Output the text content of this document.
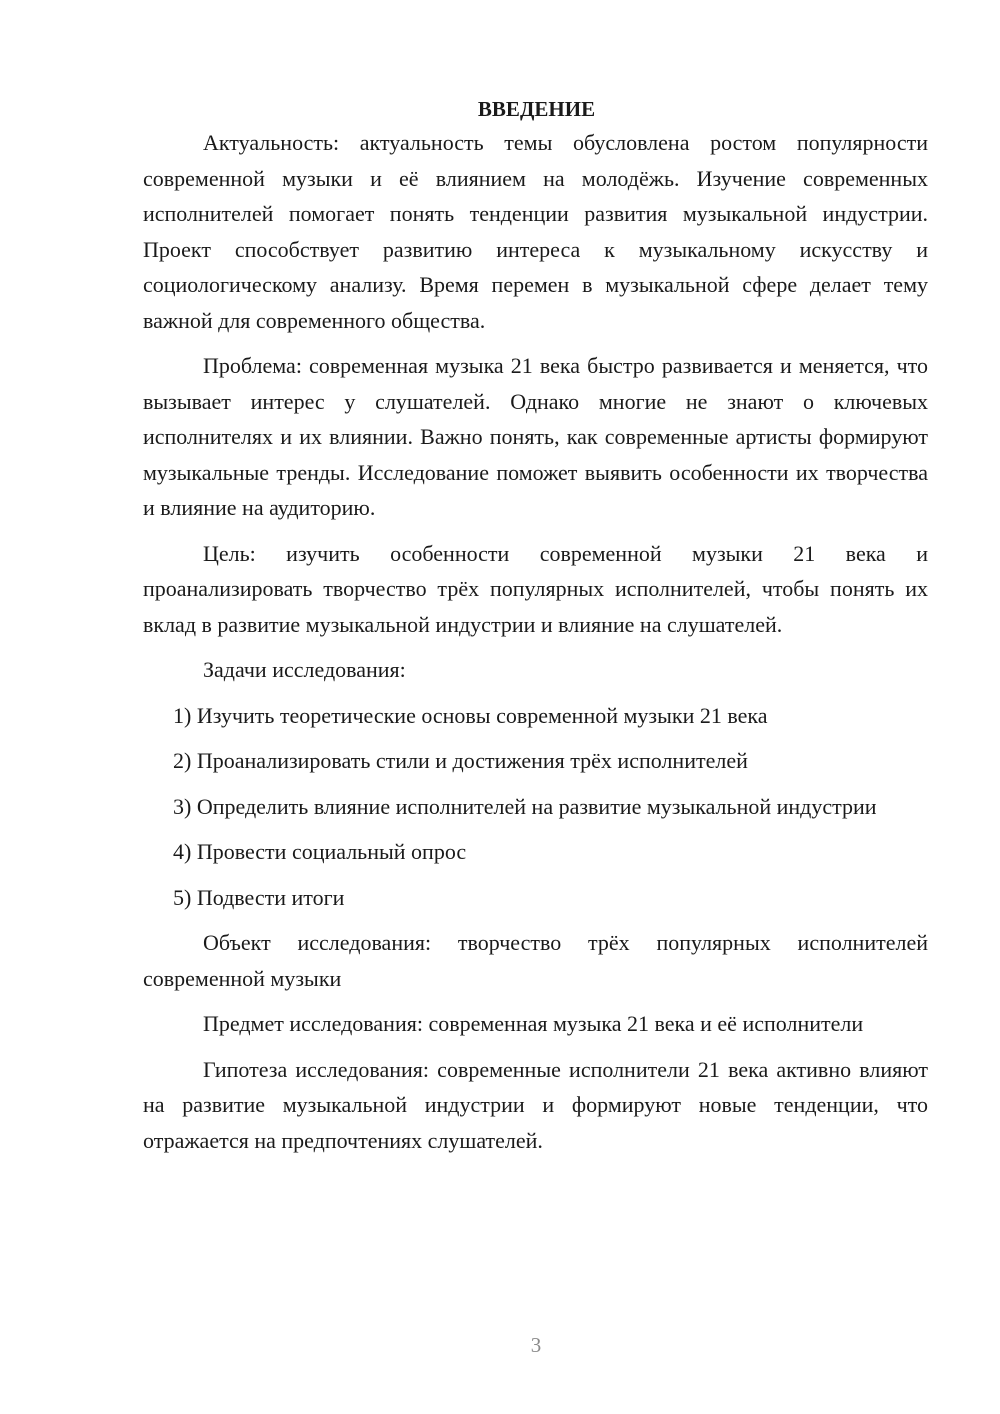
ВВЕДЕНИЕ

Актуальность: актуальность темы обусловлена ростом популярности современной музыки и её влиянием на молодёжь. Изучение современных исполнителей помогает понять тенденции развития музыкальной индустрии. Проект способствует развитию интереса к музыкальному искусству и социологическому анализу. Время перемен в музыкальной сфере делает тему важной для современного общества.

Проблема: современная музыка 21 века быстро развивается и меняется, что вызывает интерес у слушателей. Однако многие не знают о ключевых исполнителях и их влиянии. Важно понять, как современные артисты формируют музыкальные тренды. Исследование поможет выявить особенности их творчества и влияние на аудиторию.

Цель: изучить особенности современной музыки 21 века и проанализировать творчество трёх популярных исполнителей, чтобы понять их вклад в развитие музыкальной индустрии и влияние на слушателей.

Задачи исследования:

1) Изучить теоретические основы современной музыки 21 века

2) Проанализировать стили и достижения трёх исполнителей

3) Определить влияние исполнителей на развитие музыкальной индустрии

4) Провести социальный опрос

5) Подвести итоги

Объект исследования: творчество трёх популярных исполнителей современной музыки

Предмет исследования: современная музыка 21 века и её исполнители

Гипотеза исследования: современные исполнители 21 века активно влияют на развитие музыкальной индустрии и формируют новые тенденции, что отражается на предпочтениях слушателей.

3
